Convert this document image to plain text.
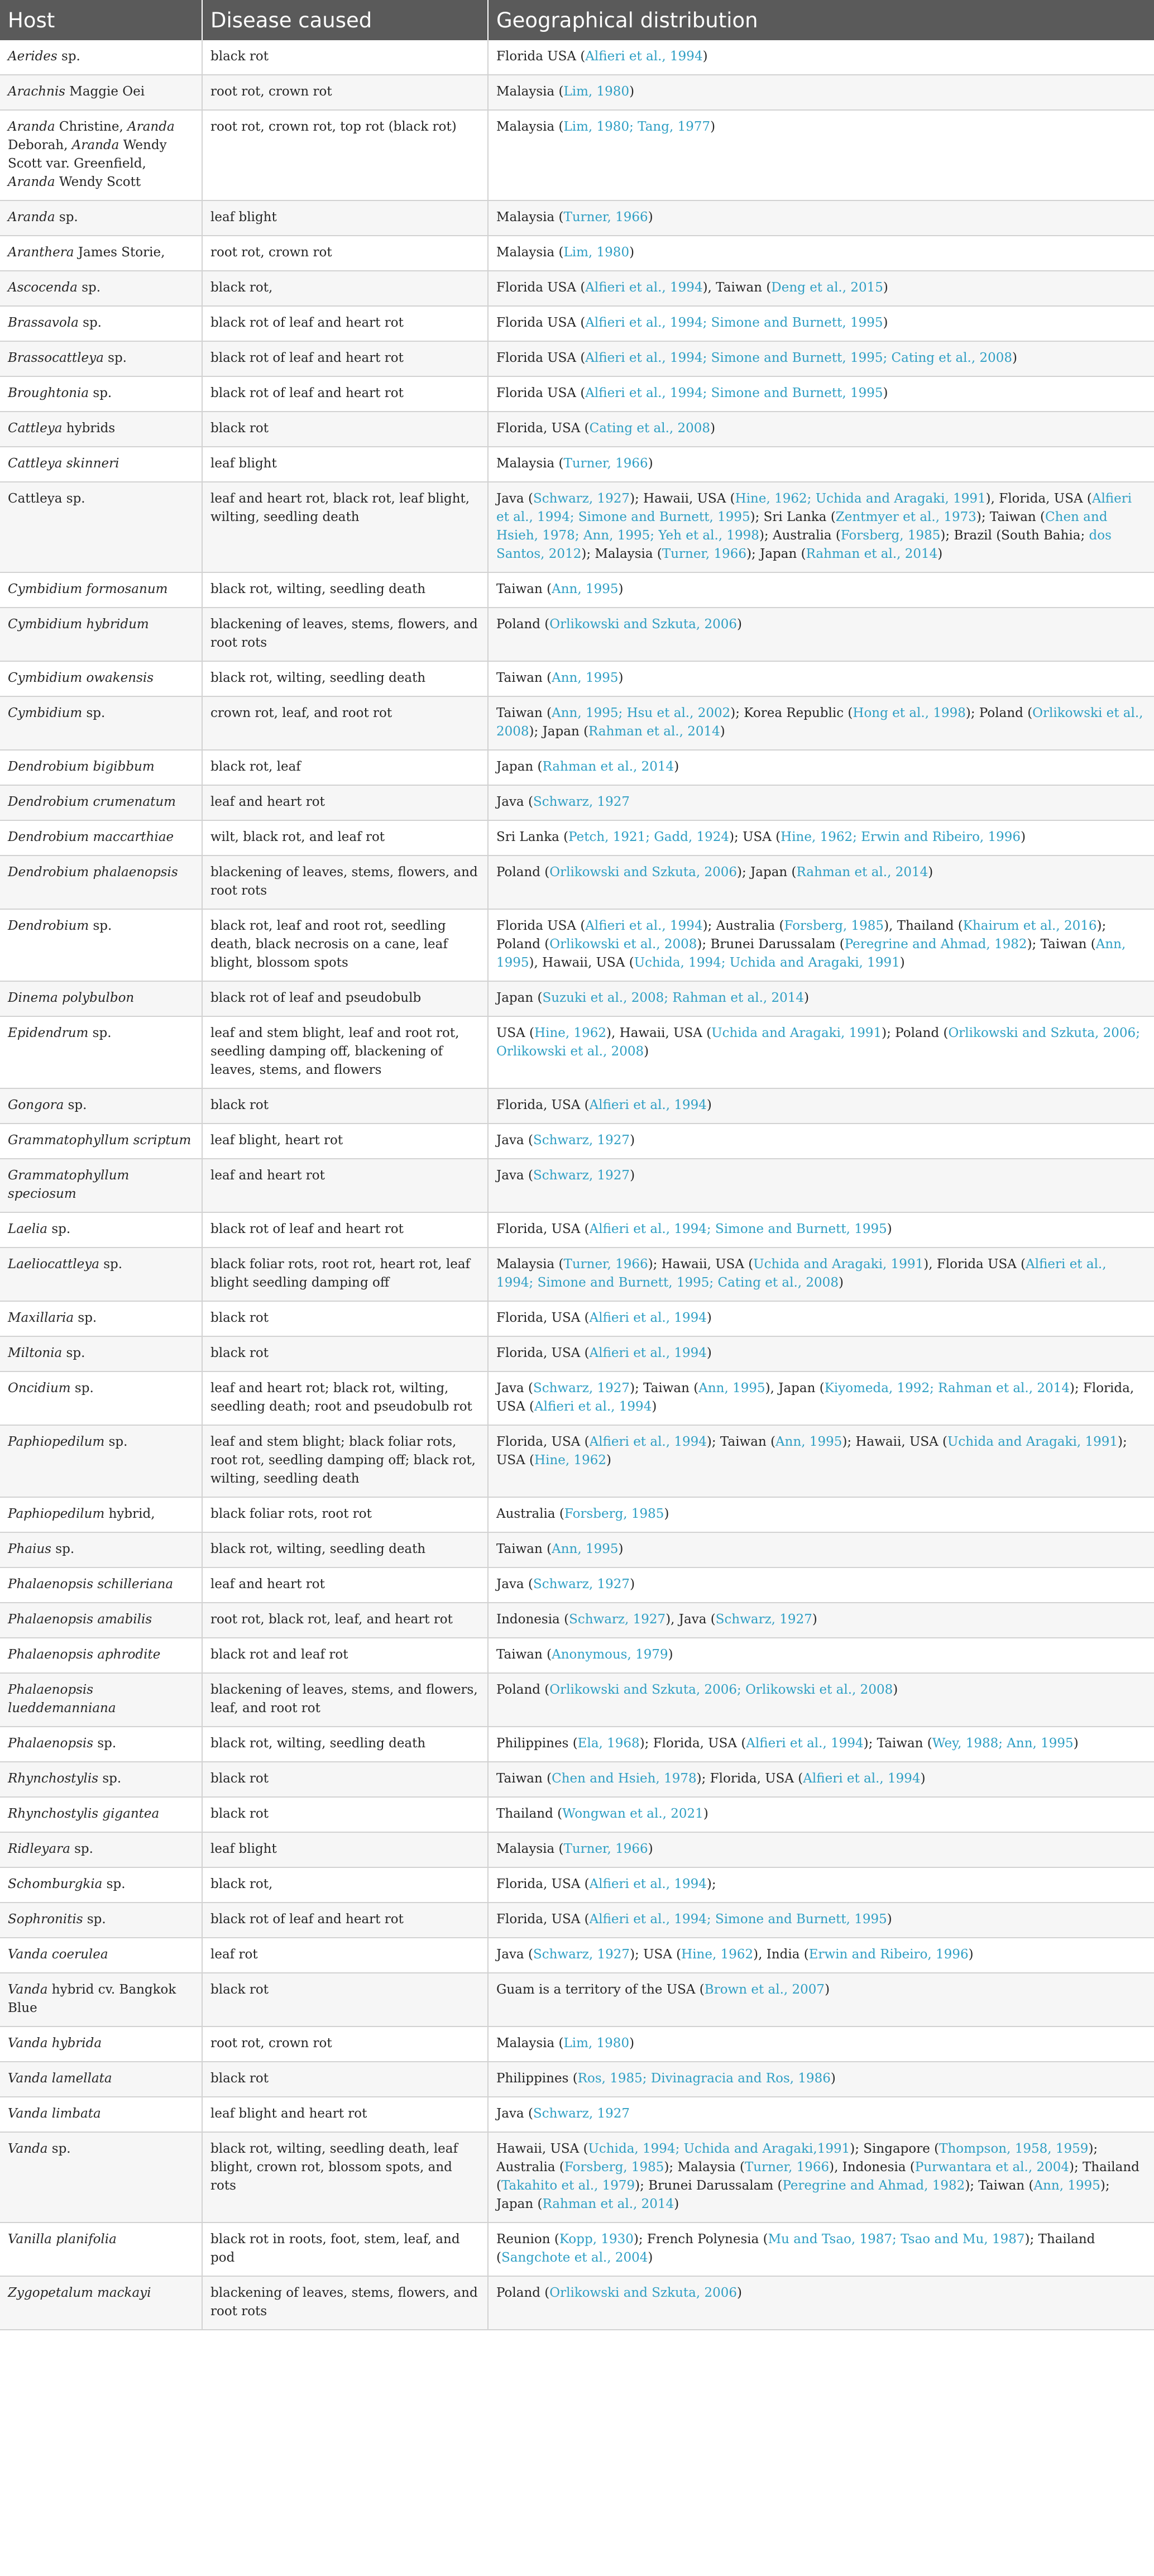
Host	Disease caused	Geographical distribution
Aerides sp.	black rot	Florida USA (Alfieri et al., 1994)
Arachnis Maggie Oei	root rot, crown rot	Malaysia (Lim, 1980)
Aranda Christine, Aranda Deborah, Aranda Wendy Scott var. Greenfield, Aranda Wendy Scott	root rot, crown rot, top rot (black rot)	Malaysia (Lim, 1980; Tang, 1977)
Aranda sp.	leaf blight	Malaysia (Turner, 1966)
Aranthera James Storie,	root rot, crown rot	Malaysia (Lim, 1980)
Ascocenda sp.	black rot,	Florida USA (Alfieri et al., 1994), Taiwan (Deng et al., 2015)
Brassavola sp.	black rot of leaf and heart rot	Florida USA (Alfieri et al., 1994; Simone and Burnett, 1995)
Brassocattleya sp.	black rot of leaf and heart rot	Florida USA (Alfieri et al., 1994; Simone and Burnett, 1995; Cating et al., 2008)
Broughtonia sp.	black rot of leaf and heart rot	Florida USA (Alfieri et al., 1994; Simone and Burnett, 1995)
Cattleya hybrids	black rot	Florida, USA (Cating et al., 2008)
Cattleya skinneri	leaf blight	Malaysia (Turner, 1966)
Cattleya sp.	leaf and heart rot, black rot, leaf blight, wilting, seedling death	Java (Schwarz, 1927); Hawaii, USA (Hine, 1962; Uchida and Aragaki, 1991), Florida, USA (Alfieri et al., 1994; Simone and Burnett, 1995); Sri Lanka (Zentmyer et al., 1973); Taiwan (Chen and Hsieh, 1978; Ann, 1995; Yeh et al., 1998); Australia (Forsberg, 1985); Brazil (South Bahia; dos Santos, 2012); Malaysia (Turner, 1966); Japan (Rahman et al., 2014)
Cymbidium formosanum	black rot, wilting, seedling death	Taiwan (Ann, 1995)
Cymbidium hybridum	blackening of leaves, stems, flowers, and root rots	Poland (Orlikowski and Szkuta, 2006)
Cymbidium owakensis	black rot, wilting, seedling death	Taiwan (Ann, 1995)
Cymbidium sp.	crown rot, leaf, and root rot	Taiwan (Ann, 1995; Hsu et al., 2002); Korea Republic (Hong et al., 1998); Poland (Orlikowski et al., 2008); Japan (Rahman et al., 2014)
Dendrobium bigibbum	black rot, leaf	Japan (Rahman et al., 2014)
Dendrobium crumenatum	leaf and heart rot	Java (Schwarz, 1927
Dendrobium maccarthiae	wilt, black rot, and leaf rot	Sri Lanka (Petch, 1921; Gadd, 1924); USA (Hine, 1962; Erwin and Ribeiro, 1996)
Dendrobium phalaenopsis	blackening of leaves, stems, flowers, and root rots	Poland (Orlikowski and Szkuta, 2006); Japan (Rahman et al., 2014)
Dendrobium sp.	black rot, leaf and root rot, seedling death, black necrosis on a cane, leaf blight, blossom spots	Florida USA (Alfieri et al., 1994); Australia (Forsberg, 1985), Thailand (Khairum et al., 2016); Poland (Orlikowski et al., 2008); Brunei Darussalam (Peregrine and Ahmad, 1982); Taiwan (Ann, 1995), Hawaii, USA (Uchida, 1994; Uchida and Aragaki, 1991)
Dinema polybulbon	black rot of leaf and pseudobulb	Japan (Suzuki et al., 2008; Rahman et al., 2014)
Epidendrum sp.	leaf and stem blight, leaf and root rot, seedling damping off, blackening of leaves, stems, and flowers	USA (Hine, 1962), Hawaii, USA (Uchida and Aragaki, 1991); Poland (Orlikowski and Szkuta, 2006; Orlikowski et al., 2008)
Gongora sp.	black rot	Florida, USA (Alfieri et al., 1994)
Grammatophyllum scriptum	leaf blight, heart rot	Java (Schwarz, 1927)
Grammatophyllum speciosum	leaf and heart rot	Java (Schwarz, 1927)
Laelia sp.	black rot of leaf and heart rot	Florida, USA (Alfieri et al., 1994; Simone and Burnett, 1995)
Laeliocattleya sp.	black foliar rots, root rot, heart rot, leaf blight seedling damping off	Malaysia (Turner, 1966); Hawaii, USA (Uchida and Aragaki, 1991), Florida USA (Alfieri et al., 1994; Simone and Burnett, 1995; Cating et al., 2008)
Maxillaria sp.	black rot	Florida, USA (Alfieri et al., 1994)
Miltonia sp.	black rot	Florida, USA (Alfieri et al., 1994)
Oncidium sp.	leaf and heart rot; black rot, wilting, seedling death; root and pseudobulb rot	Java (Schwarz, 1927); Taiwan (Ann, 1995), Japan (Kiyomeda, 1992; Rahman et al., 2014); Florida, USA (Alfieri et al., 1994)
Paphiopedilum sp.	leaf and stem blight; black foliar rots, root rot, seedling damping off; black rot, wilting, seedling death	Florida, USA (Alfieri et al., 1994); Taiwan (Ann, 1995); Hawaii, USA (Uchida and Aragaki, 1991); USA (Hine, 1962)
Paphiopedilum hybrid,	black foliar rots, root rot	Australia (Forsberg, 1985)
Phaius sp.	black rot, wilting, seedling death	Taiwan (Ann, 1995)
Phalaenopsis schilleriana	leaf and heart rot	Java (Schwarz, 1927)
Phalaenopsis amabilis	root rot, black rot, leaf, and heart rot	Indonesia (Schwarz, 1927), Java (Schwarz, 1927)
Phalaenopsis aphrodite	black rot and leaf rot	Taiwan (Anonymous, 1979)
Phalaenopsis lueddemanniana	blackening of leaves, stems, and flowers, leaf, and root rot	Poland (Orlikowski and Szkuta, 2006; Orlikowski et al., 2008)
Phalaenopsis sp.	black rot, wilting, seedling death	Philippines (Ela, 1968); Florida, USA (Alfieri et al., 1994); Taiwan (Wey, 1988; Ann, 1995)
Rhynchostylis sp.	black rot	Taiwan (Chen and Hsieh, 1978); Florida, USA (Alfieri et al., 1994)
Rhynchostylis gigantea	black rot	Thailand (Wongwan et al., 2021)
Ridleyara sp.	leaf blight	Malaysia (Turner, 1966)
Schomburgkia sp.	black rot,	Florida, USA (Alfieri et al., 1994);
Sophronitis sp.	black rot of leaf and heart rot	Florida, USA (Alfieri et al., 1994; Simone and Burnett, 1995)
Vanda coerulea	leaf rot	Java (Schwarz, 1927); USA (Hine, 1962), India (Erwin and Ribeiro, 1996)
Vanda hybrid cv. Bangkok Blue	black rot	Guam is a territory of the USA (Brown et al., 2007)
Vanda hybrida	root rot, crown rot	Malaysia (Lim, 1980)
Vanda lamellata	black rot	Philippines (Ros, 1985; Divinagracia and Ros, 1986)
Vanda limbata	leaf blight and heart rot	Java (Schwarz, 1927
Vanda sp.	black rot, wilting, seedling death, leaf blight, crown rot, blossom spots, and rots	Hawaii, USA (Uchida, 1994; Uchida and Aragaki,1991); Singapore (Thompson, 1958, 1959); Australia (Forsberg, 1985); Malaysia (Turner, 1966), Indonesia (Purwantara et al., 2004); Thailand (Takahito et al., 1979); Brunei Darussalam (Peregrine and Ahmad, 1982); Taiwan (Ann, 1995); Japan (Rahman et al., 2014)
Vanilla planifolia	black rot in roots, foot, stem, leaf, and pod	Reunion (Kopp, 1930); French Polynesia (Mu and Tsao, 1987; Tsao and Mu, 1987); Thailand (Sangchote et al., 2004)
Zygopetalum mackayi	blackening of leaves, stems, flowers, and root rots	Poland (Orlikowski and Szkuta, 2006)
